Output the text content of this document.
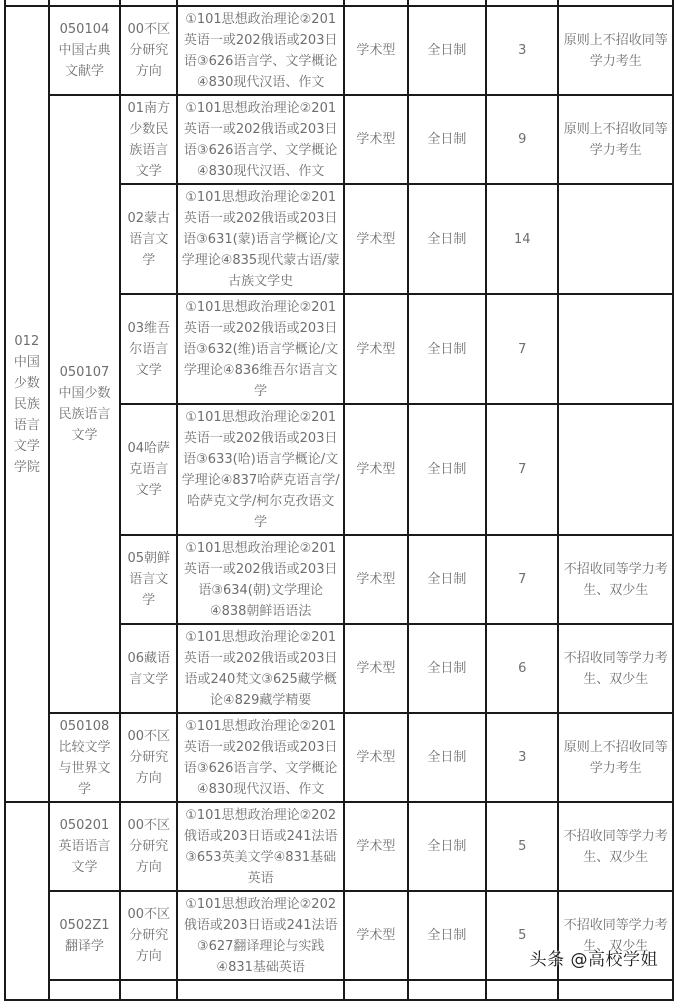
012
中国少数民族语言文学学院	050104 中国古典文献学	00不区分研究方向	①101思想政治理论②201英语一或202俄语或203日语③626语言学、文学概论④830现代汉语、作文	学术型	全日制	3	原则上不招收同等学力考生
	050107 中国少数民族语言文学	01南方少数民族语言文学	①101思想政治理论②201英语一或202俄语或203日语③626语言学、文学概论④830现代汉语、作文	学术型	全日制	9	原则上不招收同等学力考生
		02蒙古语言文学	①101思想政治理论②201英语一或202俄语或203日语③631(蒙)语言学概论/文学理论④835现代蒙古语/蒙古族文学史	学术型	全日制	14	
		03维吾尔语言文学	①101思想政治理论②201英语一或202俄语或203日语③632(维)语言学概论/文学理论④836维吾尔语言文学	学术型	全日制	7	
		04哈萨克语言文学	①101思想政治理论②201英语一或202俄语或203日语③633(哈)语言学概论/文学理论④837哈萨克语言学/哈萨克文学/柯尔克孜语文学	学术型	全日制	7	
		05朝鲜语言文学	①101思想政治理论②201英语一或202俄语或203日语③634(朝)文学理论④838朝鲜语语法	学术型	全日制	7	不招收同等学力考生、双少生
		06藏语言文学	①101思想政治理论②201英语一或202俄语或203日语或240梵文③625藏学概论④829藏学精要	学术型	全日制	6	不招收同等学力考生、双少生
	050108 比较文学与世界文学	00不区分研究方向	①101思想政治理论②201英语一或202俄语或203日语③626语言学、文学概论④830现代汉语、作文	学术型	全日制	3	原则上不招收同等学力考生
	050201 英语语言文学	00不区分研究方向	①101思想政治理论②202俄语或203日语或241法语③653英美文学④831基础英语	学术型	全日制	5	不招收同等学力考生、双少生
	0502Z1 翻译学	00不区分研究方向	①101思想政治理论②202俄语或203日语或241法语③627翻译理论与实践④831基础英语	学术型	全日制	5	不招收同等学力考生、双少生

头条 @高校学姐
